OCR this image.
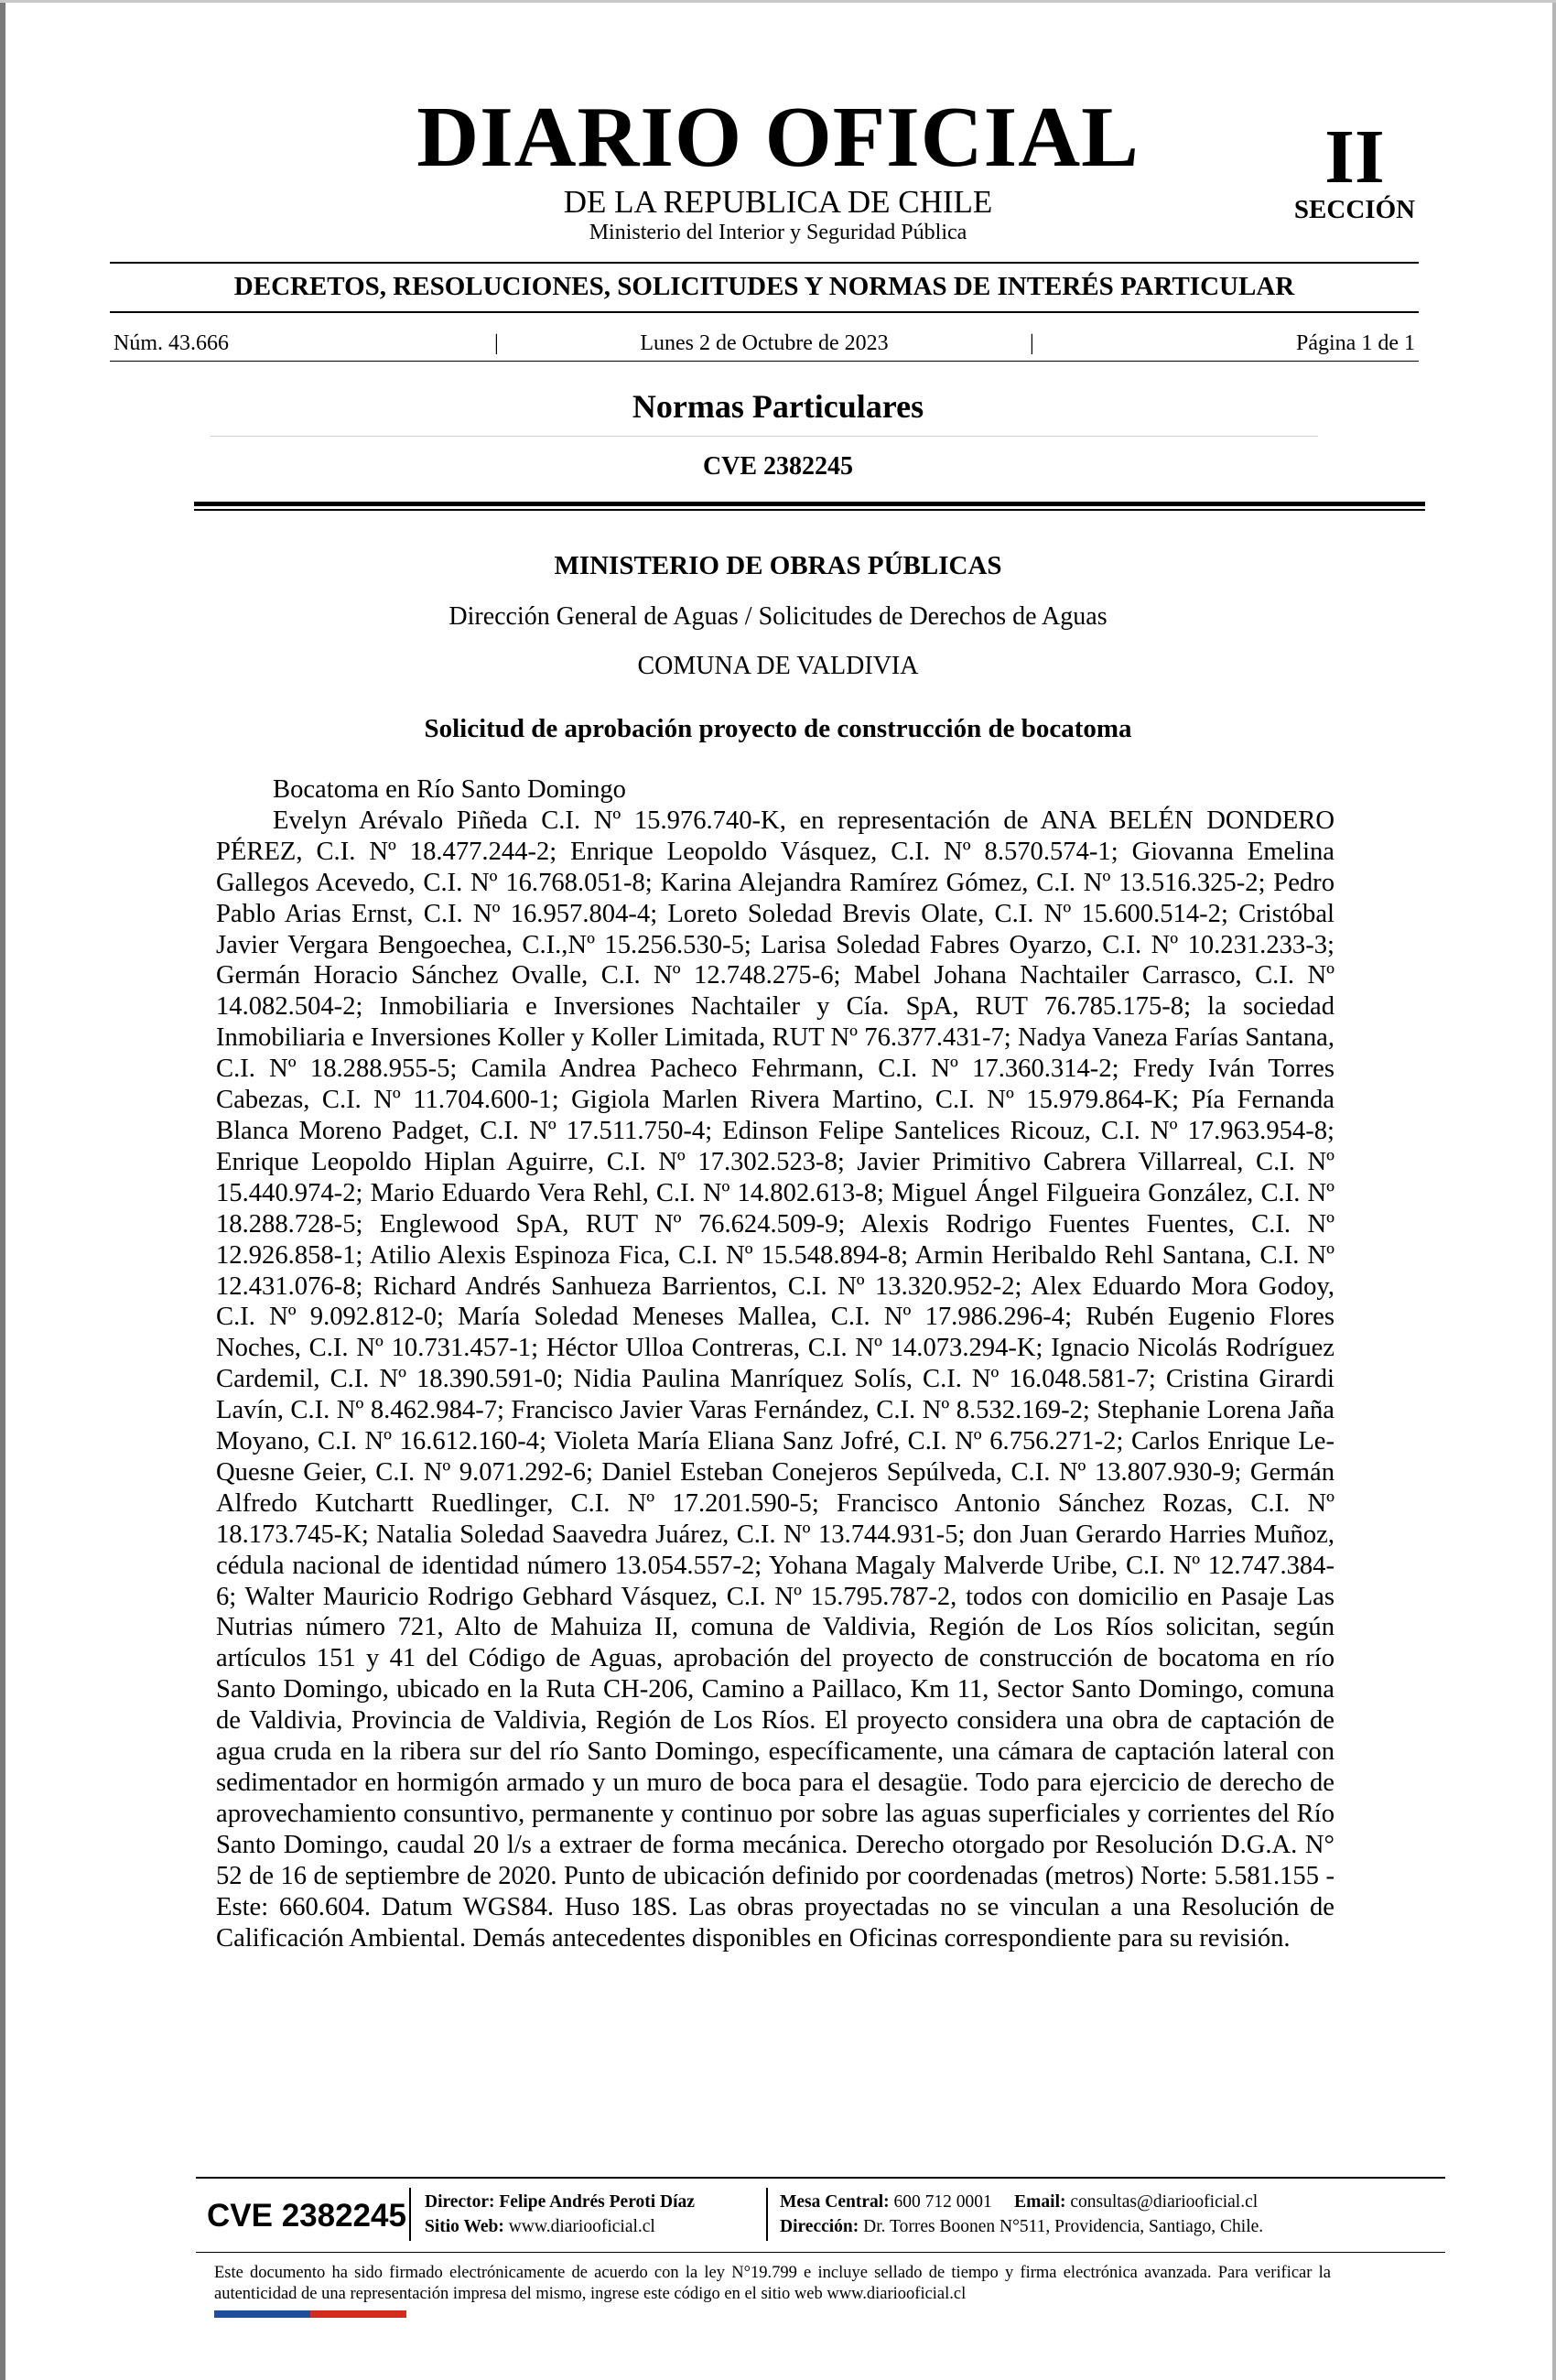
DIARIO OFICIAL
DE LA REPUBLICA DE CHILE
Ministerio del Interior y Seguridad Pública
II
SECCIÓN
DECRETOS, RESOLUCIONES, SOLICITUDES Y NORMAS DE INTERÉS PARTICULAR
Núm. 43.666	|	Lunes 2 de Octubre de 2023	|	Página 1 de 1
Normas Particulares
CVE 2382245
MINISTERIO DE OBRAS PÚBLICAS
Dirección General de Aguas / Solicitudes de Derechos de Aguas
COMUNA DE VALDIVIA
Solicitud de aprobación proyecto de construcción de bocatoma
Bocatoma en Río Santo Domingo
Evelyn Arévalo Piñeda C.I. Nº 15.976.740-K, en representación de ANA BELÉN DONDERO PÉREZ, C.I. Nº 18.477.244-2; Enrique Leopoldo Vásquez, C.I. Nº 8.570.574-1; Giovanna Emelina Gallegos Acevedo, C.I. Nº 16.768.051-8; Karina Alejandra Ramírez Gómez, C.I. Nº 13.516.325-2; Pedro Pablo Arias Ernst, C.I. Nº 16.957.804-4; Loreto Soledad Brevis Olate, C.I. Nº 15.600.514-2; Cristóbal Javier Vergara Bengoechea, C.I.,Nº 15.256.530-5; Larisa Soledad Fabres Oyarzo, C.I. Nº 10.231.233-3; Germán Horacio Sánchez Ovalle, C.I. Nº 12.748.275-6; Mabel Johana Nachtailer Carrasco, C.I. Nº 14.082.504-2; Inmobiliaria e Inversiones Nachtailer y Cía. SpA, RUT 76.785.175-8; la sociedad Inmobiliaria e Inversiones Koller y Koller Limitada, RUT Nº 76.377.431-7; Nadya Vaneza Farías Santana, C.I. Nº 18.288.955-5; Camila Andrea Pacheco Fehrmann, C.I. Nº 17.360.314-2; Fredy Iván Torres Cabezas, C.I. Nº 11.704.600-1; Gigiola Marlen Rivera Martino, C.I. Nº 15.979.864-K; Pía Fernanda Blanca Moreno Padget, C.I. Nº 17.511.750-4; Edinson Felipe Santelices Ricouz, C.I. Nº 17.963.954-8; Enrique Leopoldo Hiplan Aguirre, C.I. Nº 17.302.523-8; Javier Primitivo Cabrera Villarreal, C.I. Nº 15.440.974-2; Mario Eduardo Vera Rehl, C.I. Nº 14.802.613-8; Miguel Ángel Filgueira González, C.I. Nº 18.288.728-5; Englewood SpA, RUT Nº 76.624.509-9; Alexis Rodrigo Fuentes Fuentes, C.I. Nº 12.926.858-1; Atilio Alexis Espinoza Fica, C.I. Nº 15.548.894-8; Armin Heribaldo Rehl Santana, C.I. Nº 12.431.076-8; Richard Andrés Sanhueza Barrientos, C.I. Nº 13.320.952-2; Alex Eduardo Mora Godoy, C.I. Nº 9.092.812-0; María Soledad Meneses Mallea, C.I. Nº 17.986.296-4; Rubén Eugenio Flores Noches, C.I. Nº 10.731.457-1; Héctor Ulloa Contreras, C.I. Nº 14.073.294-K; Ignacio Nicolás Rodríguez Cardemil, C.I. Nº 18.390.591-0; Nidia Paulina Manríquez Solís, C.I. Nº 16.048.581-7; Cristina Girardi Lavín, C.I. Nº 8.462.984-7; Francisco Javier Varas Fernández, C.I. Nº 8.532.169-2; Stephanie Lorena Jaña Moyano, C.I. Nº 16.612.160-4; Violeta María Eliana Sanz Jofré, C.I. Nº 6.756.271-2; Carlos Enrique Le-Quesne Geier, C.I. Nº 9.071.292-6; Daniel Esteban Conejeros Sepúlveda, C.I. Nº 13.807.930-9; Germán Alfredo Kutchartt Ruedlinger, C.I. Nº 17.201.590-5; Francisco Antonio Sánchez Rozas, C.I. Nº 18.173.745-K; Natalia Soledad Saavedra Juárez, C.I. Nº 13.744.931-5; don Juan Gerardo Harries Muñoz, cédula nacional de identidad número 13.054.557-2; Yohana Magaly Malverde Uribe, C.I. Nº 12.747.384-6; Walter Mauricio Rodrigo Gebhard Vásquez, C.I. Nº 15.795.787-2, todos con domicilio en Pasaje Las Nutrias número 721, Alto de Mahuiza II, comuna de Valdivia, Región de Los Ríos solicitan, según artículos 151 y 41 del Código de Aguas, aprobación del proyecto de construcción de bocatoma en río Santo Domingo, ubicado en la Ruta CH-206, Camino a Paillaco, Km 11, Sector Santo Domingo, comuna de Valdivia, Provincia de Valdivia, Región de Los Ríos. El proyecto considera una obra de captación de agua cruda en la ribera sur del río Santo Domingo, específicamente, una cámara de captación lateral con sedimentador en hormigón armado y un muro de boca para el desagüe. Todo para ejercicio de derecho de aprovechamiento consuntivo, permanente y continuo por sobre las aguas superficiales y corrientes del Río Santo Domingo, caudal 20 l/s a extraer de forma mecánica. Derecho otorgado por Resolución D.G.A. N° 52 de 16 de septiembre de 2020. Punto de ubicación definido por coordenadas (metros) Norte: 5.581.155 - Este: 660.604. Datum WGS84. Huso 18S. Las obras proyectadas no se vinculan a una Resolución de Calificación Ambiental. Demás antecedentes disponibles en Oficinas correspondiente para su revisión.
CVE 2382245 Director: Felipe Andrés Peroti Díaz
Sitio Web: www.diariooficial.cl
Mesa Central: 600 712 0001 Email: consultas@diariooficial.cl
Dirección: Dr. Torres Boonen N°511, Providencia, Santiago, Chile.
Este documento ha sido firmado electrónicamente de acuerdo con la ley N°19.799 e incluye sellado de tiempo y firma electrónica avanzada. Para verificar la autenticidad de una representación impresa del mismo, ingrese este código en el sitio web www.diariooficial.cl
